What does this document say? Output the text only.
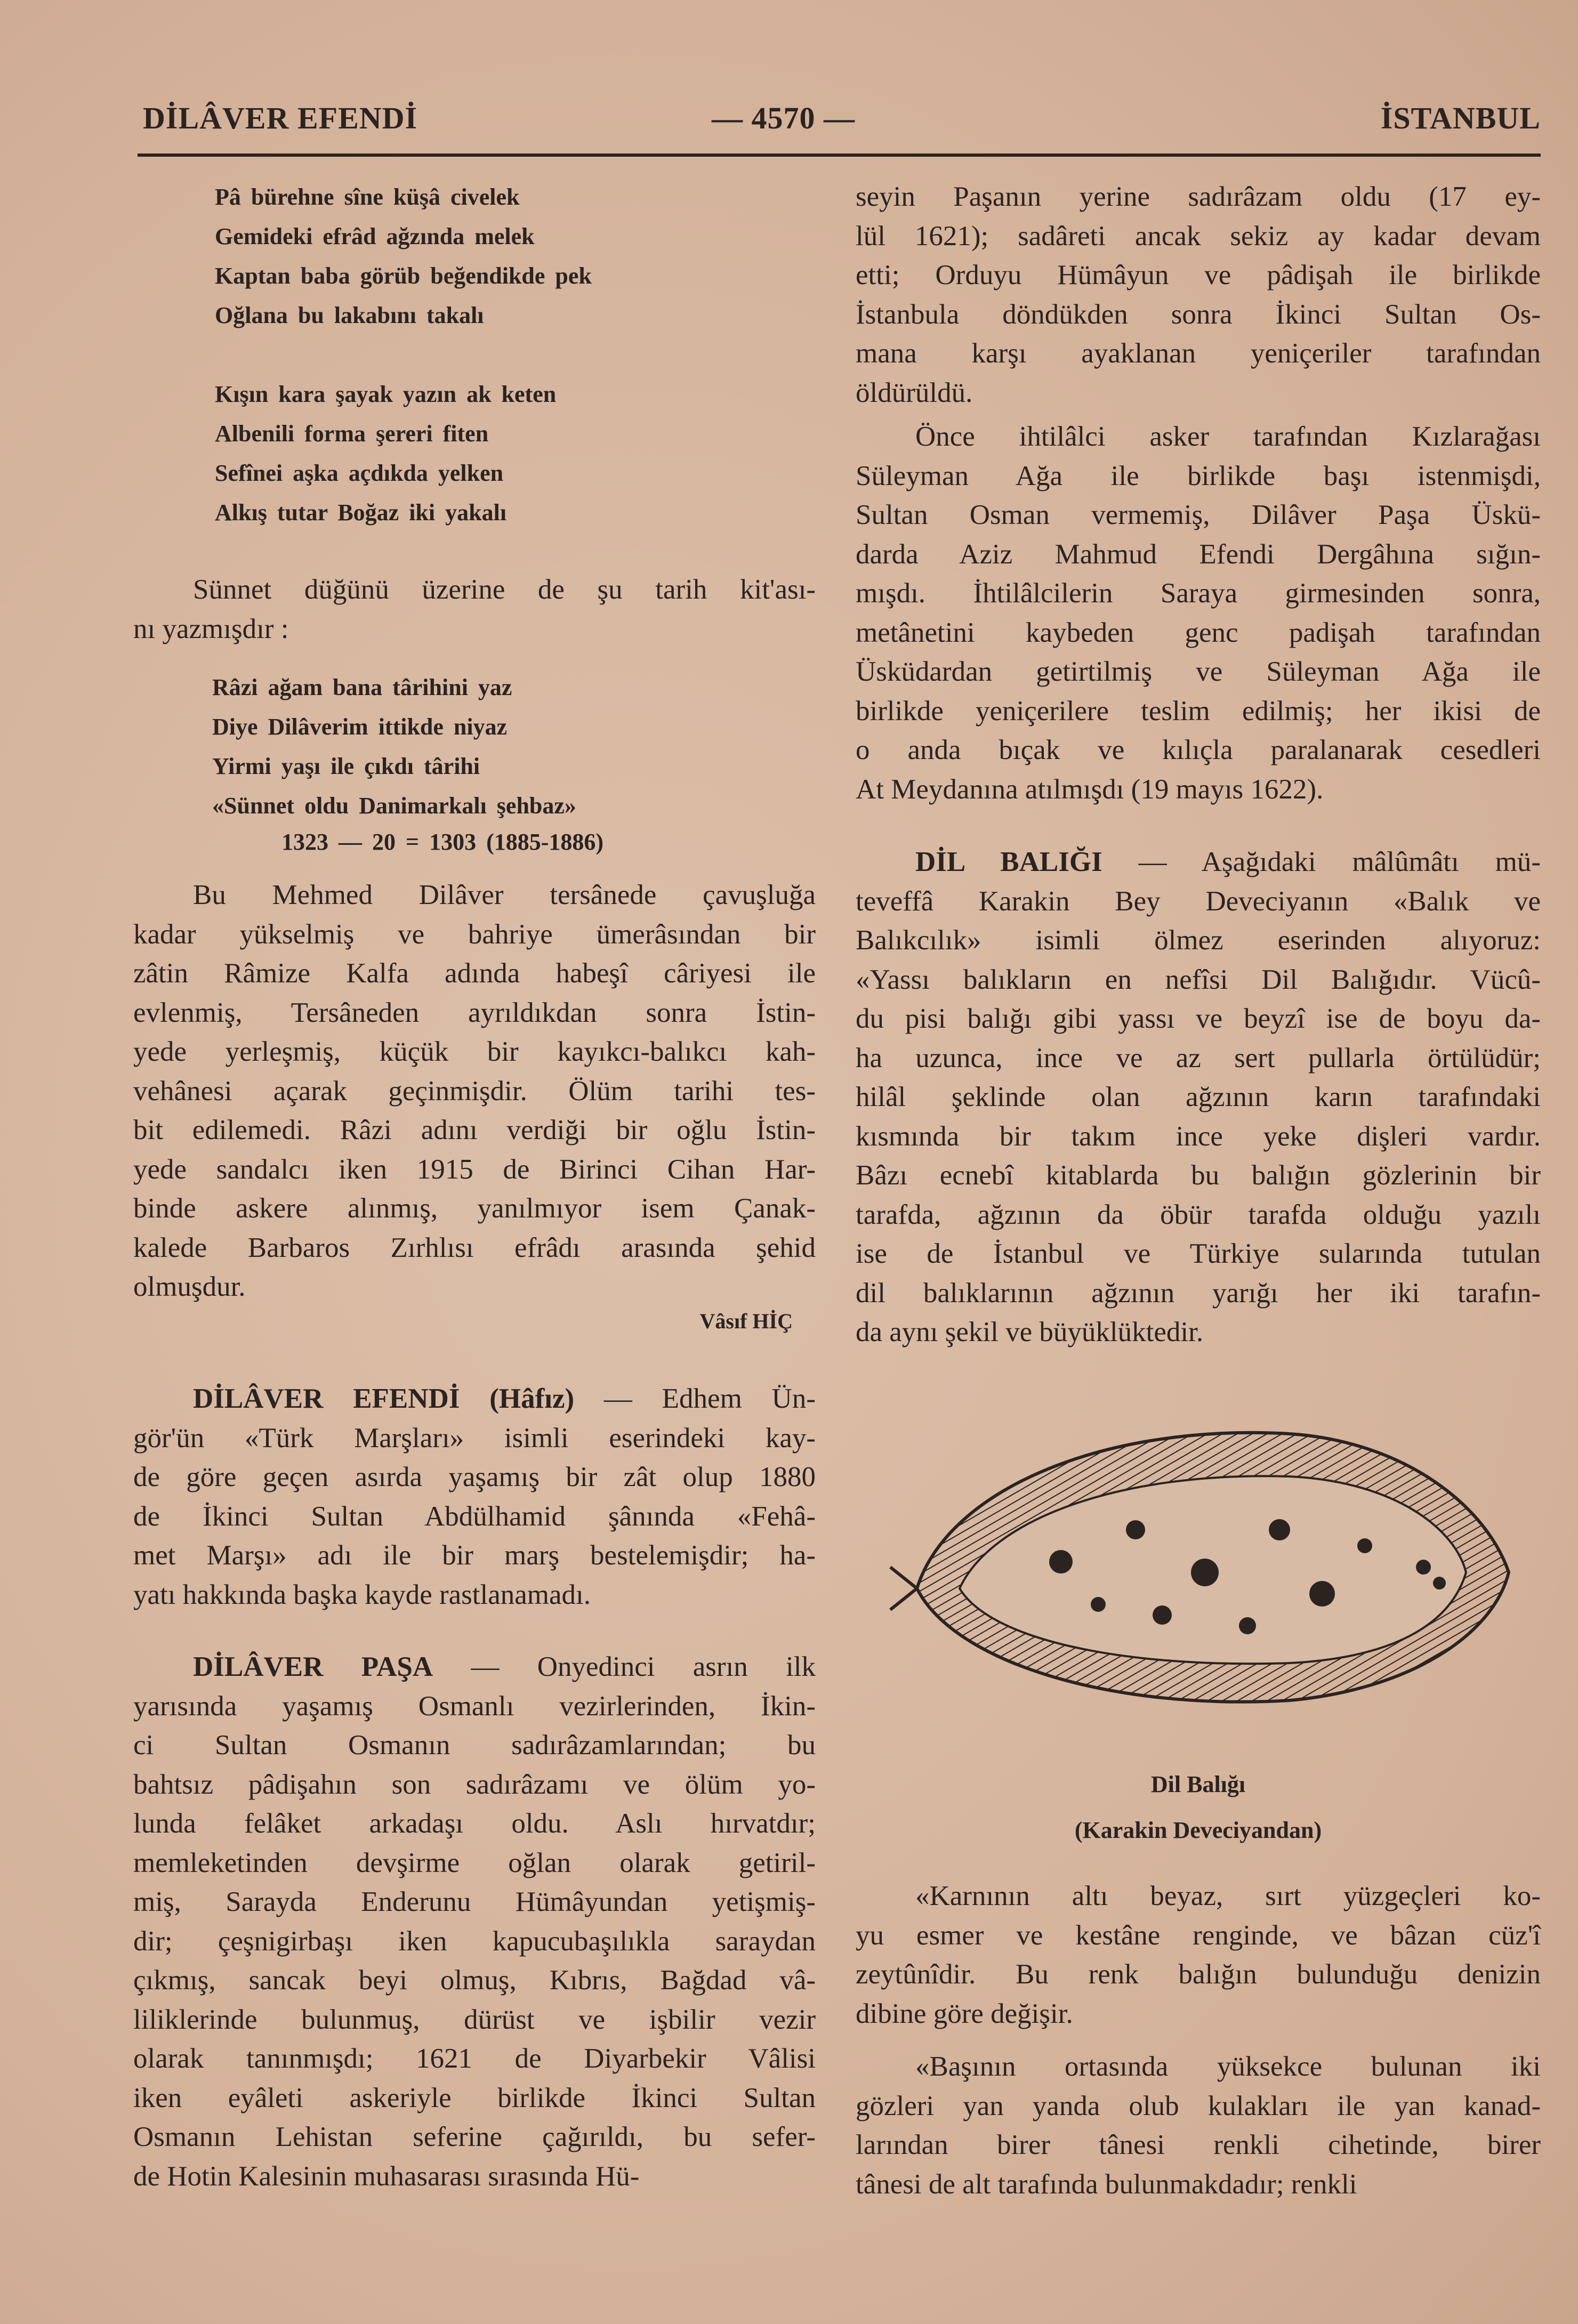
DİLÂVER EFENDİ	— 4570 —	İSTANBUL
Pâ bürehne sîne küşâ civelek
Gemideki efrâd ağzında melek
Kaptan baba görüb beğendikde pek
Oğlana bu lakabını takalı
Kışın kara şayak yazın ak keten
Albenili forma şereri fiten
Sefînei aşka açdıkda yelken
Alkış tutar Boğaz iki yakalı
Sünnet düğünü üzerine de şu tarih kit'ası-
nı yazmışdır :
Râzi ağam bana târihini yaz
Diye Dilâverim ittikde niyaz
Yirmi yaşı ile çıkdı târihi
«Sünnet oldu Danimarkalı şehbaz»
1323 — 20 = 1303 (1885-1886)
Bu Mehmed Dilâver tersânede çavuşluğa
kadar yükselmiş ve bahriye ümerâsından bir
zâtin Râmize Kalfa adında habeşî câriyesi ile
evlenmiş, Tersâneden ayrıldıkdan sonra İstin-
yede yerleşmiş, küçük bir kayıkcı-balıkcı kah-
vehânesi açarak geçinmişdir. Ölüm tarihi tes-
bit edilemedi. Râzi adını verdiği bir oğlu İstin-
yede sandalcı iken 1915 de Birinci Cihan Har-
binde askere alınmış, yanılmıyor isem Çanak-
kalede Barbaros Zırhlısı efrâdı arasında şehid
olmuşdur.
Vâsıf HİÇ
DİLÂVER EFENDİ (Hâfız) — Edhem Ün-
gör'ün «Türk Marşları» isimli eserindeki kay-
de göre geçen asırda yaşamış bir zât olup 1880
de İkinci Sultan Abdülhamid şânında «Fehâ-
met Marşı» adı ile bir marş bestelemişdir; ha-
yatı hakkında başka kayde rastlanamadı.
DİLÂVER PAŞA — Onyedinci asrın ilk
yarısında yaşamış Osmanlı vezirlerinden, İkin-
ci Sultan Osmanın sadırâzamlarından; bu
bahtsız pâdişahın son sadırâzamı ve ölüm yo-
lunda felâket arkadaşı oldu. Aslı hırvatdır;
memleketinden devşirme oğlan olarak getiril-
miş, Sarayda Enderunu Hümâyundan yetişmiş-
dir; çeşnigirbaşı iken kapucubaşılıkla saraydan
çıkmış, sancak beyi olmuş, Kıbrıs, Bağdad vâ-
liliklerinde bulunmuş, dürüst ve işbilir vezir
olarak tanınmışdı; 1621 de Diyarbekir Vâlisi
iken eyâleti askeriyle birlikde İkinci Sultan
Osmanın Lehistan seferine çağırıldı, bu sefer-
de Hotin Kalesinin muhasarası sırasında Hü-
seyin Paşanın yerine sadırâzam oldu (17 ey-
lül 1621); sadâreti ancak sekiz ay kadar devam
etti; Orduyu Hümâyun ve pâdişah ile birlikde
İstanbula döndükden sonra İkinci Sultan Os-
mana karşı ayaklanan yeniçeriler tarafından
öldürüldü.
Önce ihtilâlci asker tarafından Kızlarağası
Süleyman Ağa ile birlikde başı istenmişdi,
Sultan Osman vermemiş, Dilâver Paşa Üskü-
darda Aziz Mahmud Efendi Dergâhına sığın-
mışdı. İhtilâlcilerin Saraya girmesinden sonra,
metânetini kaybeden genc padişah tarafından
Üsküdardan getirtilmiş ve Süleyman Ağa ile
birlikde yeniçerilere teslim edilmiş; her ikisi de
o anda bıçak ve kılıçla paralanarak cesedleri
At Meydanına atılmışdı (19 mayıs 1622).
DİL BALIĞI — Aşağıdaki mâlûmâtı mü-
teveffâ Karakin Bey Deveciyanın «Balık ve
Balıkcılık» isimli ölmez eserinden alıyoruz:
«Yassı balıkların en nefîsi Dil Balığıdır. Vücû-
du pisi balığı gibi yassı ve beyzî ise de boyu da-
ha uzunca, ince ve az sert pullarla örtülüdür;
hilâl şeklinde olan ağzının karın tarafındaki
kısmında bir takım ince yeke dişleri vardır.
Bâzı ecnebî kitablarda bu balığın gözlerinin bir
tarafda, ağzının da öbür tarafda olduğu yazılı
ise de İstanbul ve Türkiye sularında tutulan
dil balıklarının ağzının yarığı her iki tarafın-
da aynı şekil ve büyüklüktedir.
Dil Balığı
(Karakin Deveciyandan)
«Karnının altı beyaz, sırt yüzgeçleri ko-
yu esmer ve kestâne renginde, ve bâzan cüz'î
zeytûnîdir. Bu renk balığın bulunduğu denizin
dibine göre değişir.
«Başının ortasında yüksekce bulunan iki
gözleri yan yanda olub kulakları ile yan kanad-
larından birer tânesi renkli cihetinde, birer
tânesi de alt tarafında bulunmakdadır; renkli
